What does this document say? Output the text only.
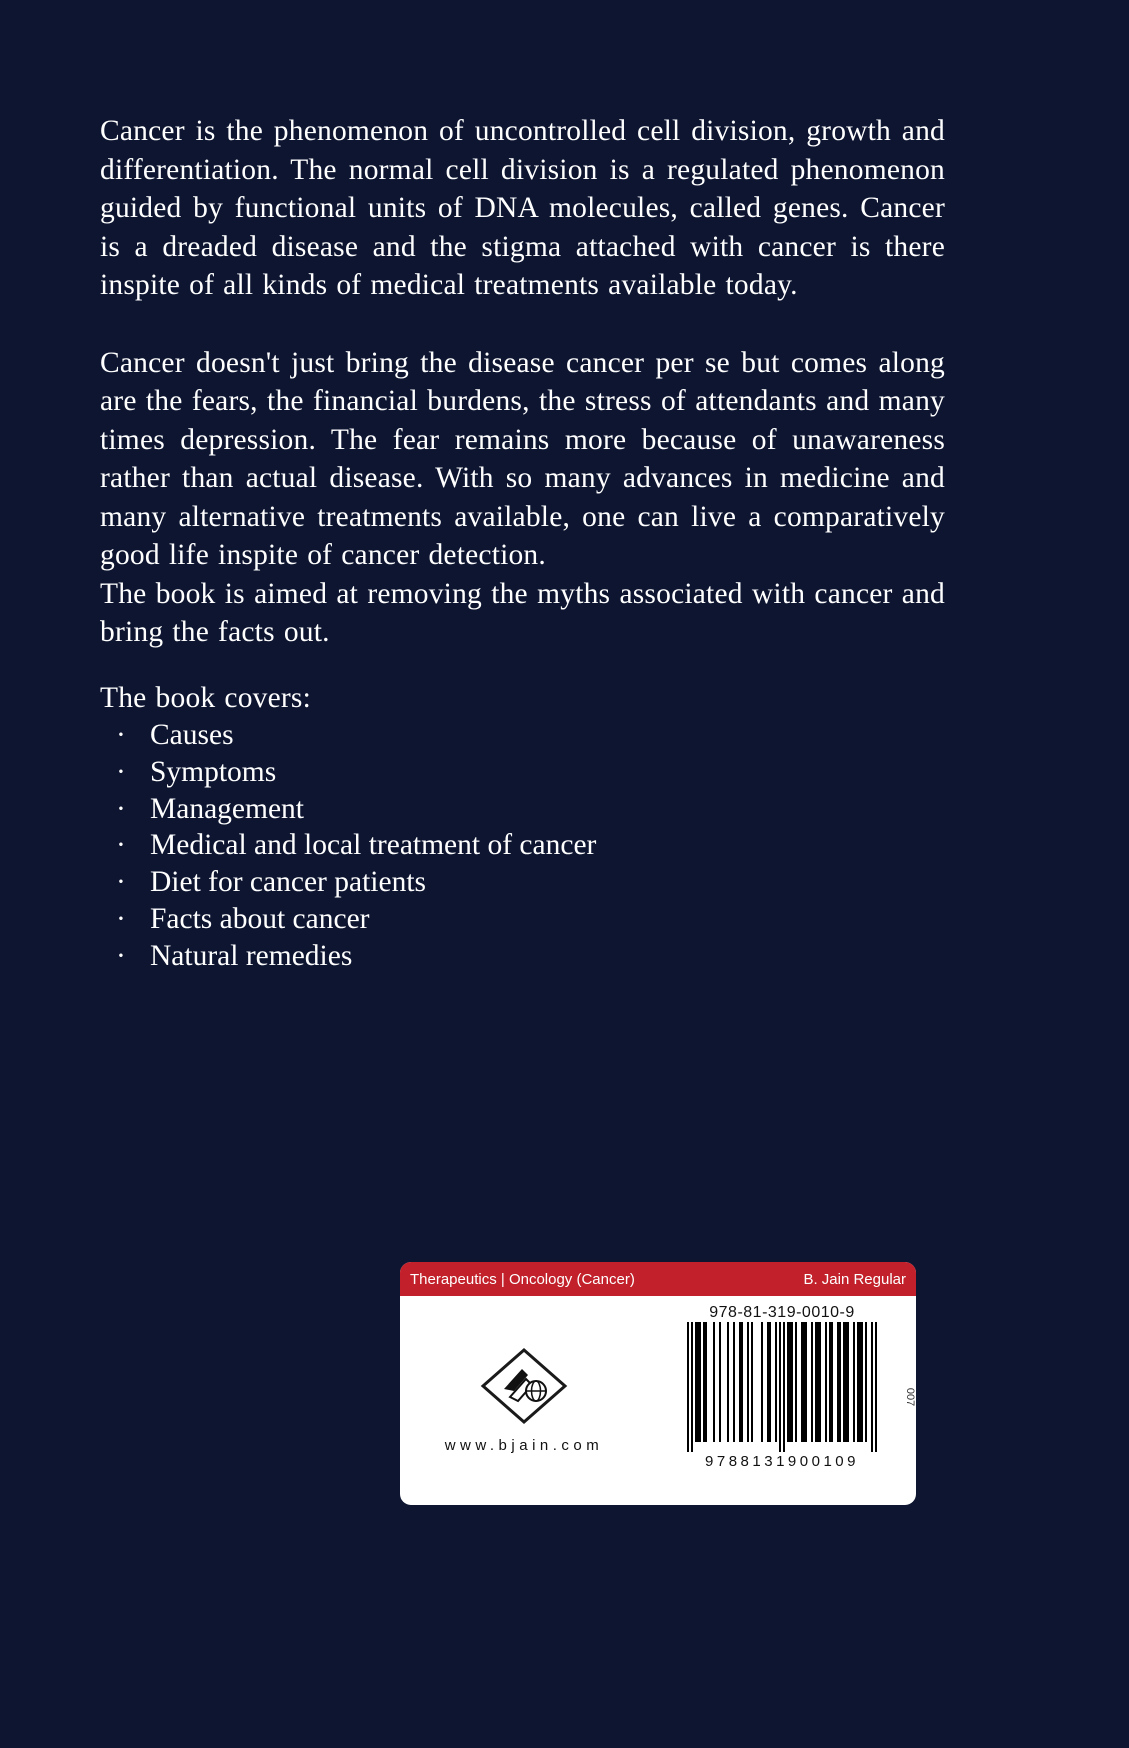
Cancer is the phenomenon of uncontrolled cell division, growth and differentiation. The normal cell division is a regulated phenomenon guided by functional units of DNA molecules, called genes. Cancer is a dreaded disease and the stigma attached with cancer is there inspite of all kinds of medical treatments available today.

Cancer doesn't just bring the disease cancer per se but comes along are the fears, the financial burdens, the stress of attendants and many times depression. The fear remains more because of unawareness rather than actual disease. With so many advances in medicine and many alternative treatments available, one can live a comparatively good life inspite of cancer detection.

The book is aimed at removing the myths associated with cancer and bring the facts out.

The book covers:

· Causes
· Symptoms
· Management
· Medical and local treatment of cancer
· Diet for cancer patients
· Facts about cancer
· Natural remedies
Therapeutics | Oncology (Cancer)	B. Jain Regular
www.bjain.com
978-81-319-0010-9
9788131900109
007
